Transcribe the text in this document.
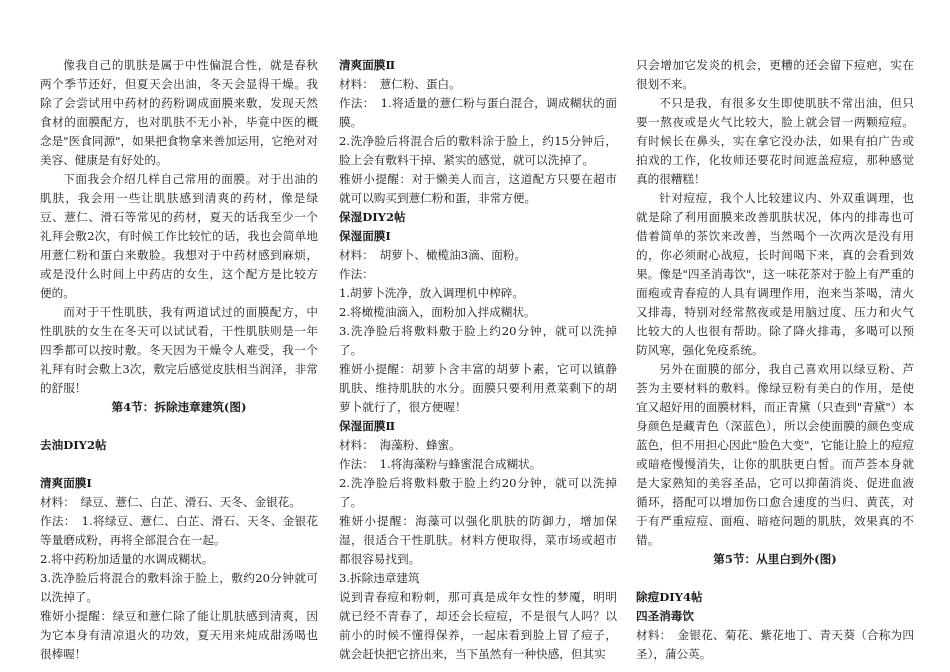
像我自己的肌肤是属于中性偏混合性，就是春秋两个季节还好，但夏天会出油，冬天会显得干燥。我除了会尝试用中药材的药粉调成面膜来敷，发现天然食材的面膜配方，也对肌肤不无小补，毕竟中医的概念是"医食同源"，如果把食物拿来善加运用，它绝对对美容、健康是有好处的。

下面我会介绍几样自己常用的面膜。对于出油的肌肤，我会用一些让肌肤感到清爽的药材，像是绿豆、薏仁、滑石等常见的药材，夏天的话我至少一个礼拜会敷2次，有时候工作比较忙的话，我也会简单地用薏仁粉和蛋白来敷脸。我想对于中药材感到麻烦，或是没什么时间上中药店的女生，这个配方是比较方便的。

而对于干性肌肤，我有两道试过的面膜配方，中性肌肤的女生在冬天可以试试看，干性肌肤则是一年四季都可以按时敷。冬天因为干燥令人难受，我一个礼拜有时会敷上3次，敷完后感觉皮肤相当润泽，非常的舒服！

第4节：拆除违章建筑(图)

去油DIY2帖

清爽面膜Ⅰ

材料：　绿豆、薏仁、白芷、滑石、天冬、金银花。

作法：　1.将绿豆、薏仁、白芷、滑石、天冬、金银花等量磨成粉，再将全部混合在一起。

2.将中药粉加适量的水调成糊状。

3.洗净脸后将混合的敷料涂于脸上，敷约20分钟就可以洗掉了。

雅妍小提醒：绿豆和薏仁除了能让肌肤感到清爽，因为它本身有清凉退火的功效，夏天用来炖成甜汤喝也很棒喔！

清爽面膜Ⅱ

材料：　薏仁粉、蛋白。

作法：　1.将适量的薏仁粉与蛋白混合，调成糊状的面膜。

2.洗净脸后将混合后的敷料涂于脸上，约15分钟后，脸上会有敷料干掉、紧实的感觉，就可以洗掉了。

雅妍小提醒：对于懒美人而言，这道配方只要在超市就可以购买到薏仁粉和蛋，非常方便。

保湿DIY2帖

保湿面膜Ⅰ

材料：　胡萝卜、橄榄油3滴、面粉。

作法：

1.胡萝卜洗净，放入调理机中榨碎。

2.将橄榄油滴入，面粉加入拌成糊状。

3.洗净脸后将敷料敷于脸上约20分钟，就可以洗掉了。

雅妍小提醒：胡萝卜含丰富的胡萝卜素，它可以镇静肌肤、维持肌肤的水分。面膜只要利用煮菜剩下的胡萝卜就行了，很方便喔！

保湿面膜Ⅱ

材料：　海藻粉、蜂蜜。

作法：　1.将海藻粉与蜂蜜混合成糊状。

2.洗净脸后将敷料敷于脸上约20分钟，就可以洗掉了。

雅妍小提醒：海藻可以强化肌肤的防御力，增加保湿，很适合干性肌肤。材料方便取得，菜市场或超市都很容易找到。

3.拆除违章建筑

说到青春痘和粉刺，那可真是成年女性的梦魇，明明就已经不青春了，却还会长痘痘，不是很气人吗？以前小的时候不懂得保养，一起床看到脸上冒了痘子，就会赶快把它挤出来，当下虽然有一种快感，但其实

只会增加它发炎的机会，更糟的还会留下痘疤，实在很划不来。

不只是我，有很多女生即使肌肤不常出油，但只要一熬夜或是火气比较大，脸上就会冒一两颗痘痘。有时候长在鼻头，实在拿它没办法，如果有拍广告或拍戏的工作，化妆师还要花时间遮盖痘痘，那种感觉真的很糟糕！

针对痘痘，我个人比较建议内、外双重调理，也就是除了利用面膜来改善肌肤状况，体内的排毒也可借着简单的茶饮来改善，当然喝个一次两次是没有用的，你必须耐心战痘，长时间喝下来，真的会看到效果。像是"四圣消毒饮"，这一味花茶对于脸上有严重的面疱或青春痘的人具有调理作用，泡来当茶喝，清火又排毒，特别对经常熬夜或是用脑过度、压力和火气比较大的人也很有帮助。除了降火排毒，多喝可以预防风寒，强化免疫系统。

另外在面膜的部分，我自己喜欢用以绿豆粉、芦荟为主要材料的敷料。像绿豆粉有美白的作用，是使宜又超好用的面膜材料，而正青黛（只查到"青黛"）本身颜色是藏青色（深蓝色），所以会使面膜的颜色变成蓝色，但不用担心因此"脸色大变"，它能让脸上的痘痘或暗疮慢慢消失，让你的肌肤更白皙。而芦荟本身就是大家熟知的美容圣品，它可以抑菌消炎、促进血液循环，搭配可以增加伤口愈合速度的当归、黄芪，对于有严重痘痘、面疱、暗疮问题的肌肤，效果真的不错。

第5节：从里白到外(图)

除痘DIY4帖

四圣消毒饮

材料：　金银花、菊花、紫花地丁、青天葵（合称为四圣），蒲公英。
